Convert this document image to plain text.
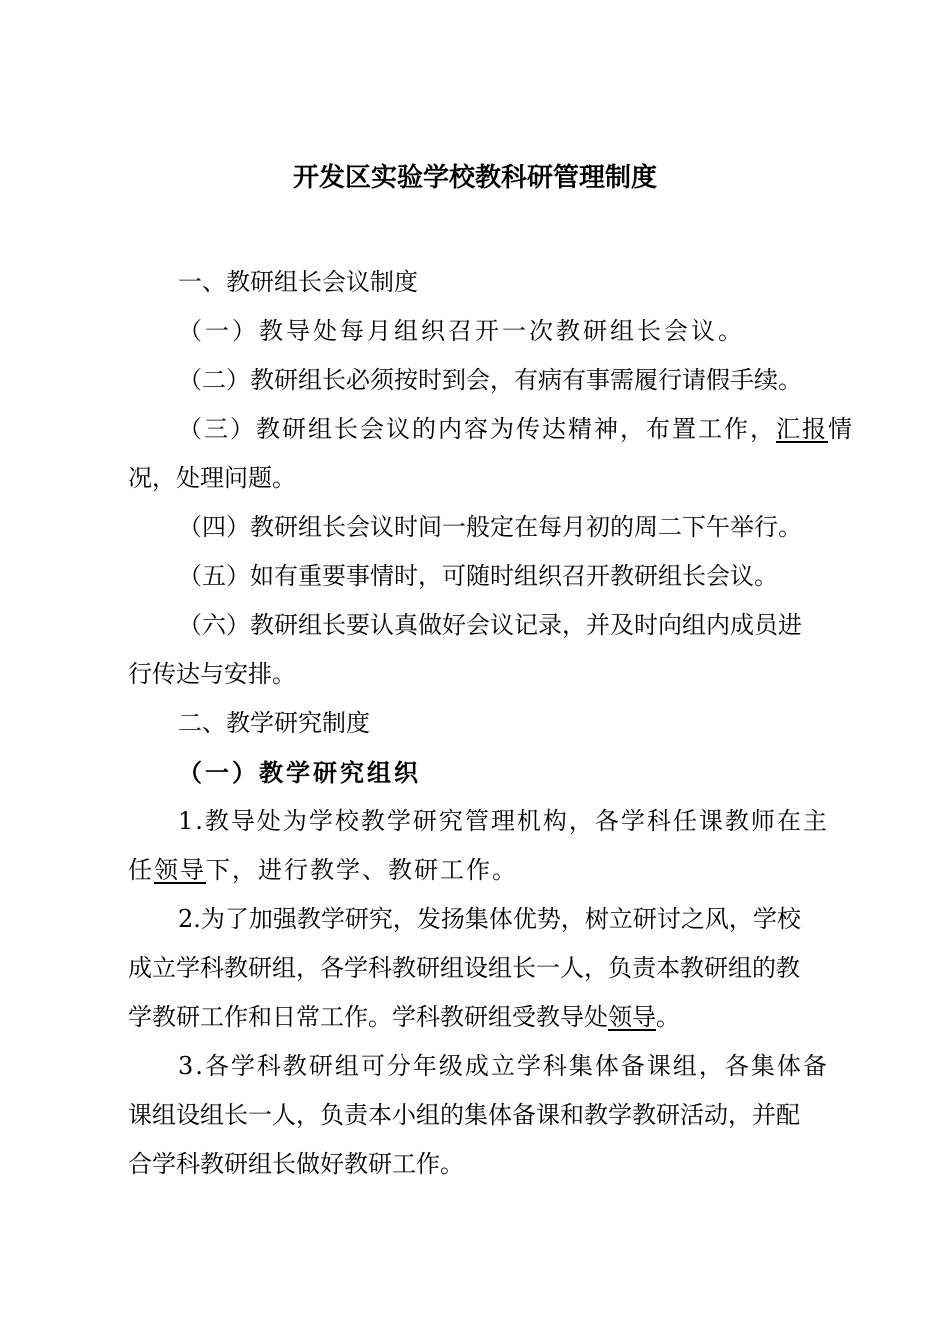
开发区实验学校教科研管理制度
一、教研组长会议制度
（一）教导处每月组织召开一次教研组长会议。
（二）教研组长必须按时到会，有病有事需履行请假手续。
（三）教研组长会议的内容为传达精神，布置工作，汇报情
况，处理问题。
（四）教研组长会议时间一般定在每月初的周二下午举行。
（五）如有重要事情时，可随时组织召开教研组长会议。
（六）教研组长要认真做好会议记录，并及时向组内成员进
行传达与安排。
二、教学研究制度
（一）教学研究组织
1.教导处为学校教学研究管理机构，各学科任课教师在主
任领导下，进行教学、教研工作。
2.为了加强教学研究，发扬集体优势，树立研讨之风，学校
成立学科教研组，各学科教研组设组长一人，负责本教研组的教
学教研工作和日常工作。学科教研组受教导处领导。
3.各学科教研组可分年级成立学科集体备课组，各集体备
课组设组长一人，负责本小组的集体备课和教学教研活动，并配
合学科教研组长做好教研工作。
